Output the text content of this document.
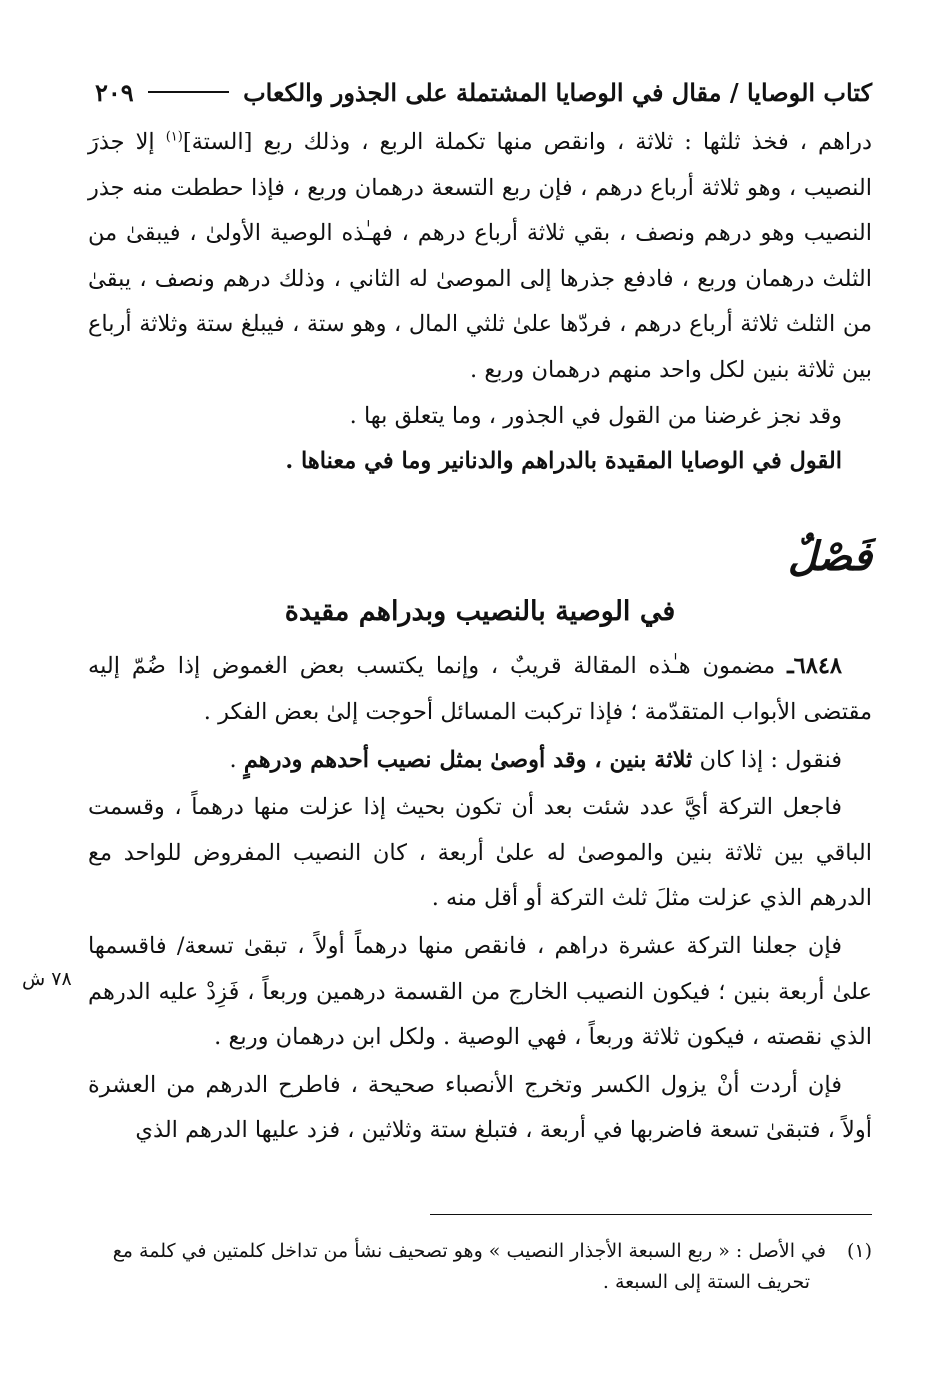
كتاب الوصايا / مقال في الوصايا المشتملة على الجذور والكعاب
٢٠٩

دراهم ، فخذ ثلثها : ثلاثة ، وانقص منها تكملة الربع ، وذلك ربع [الستة]$^{(١)}$ إلا جذرَ النصيب ، وهو ثلاثة أرباع درهم ، فإن ربع التسعة درهمان وربع ، فإذا حططت منه جذر النصيب وهو درهم ونصف ، بقي ثلاثة أرباع درهم ، فهـٰذه الوصية الأولىٰ ، فيبقىٰ من الثلث درهمان وربع ، فادفع جذرها إلى الموصىٰ له الثاني ، وذلك درهم ونصف ، يبقىٰ من الثلث ثلاثة أرباع درهم ، فردّها علىٰ ثلثي المال ، وهو ستة ، فيبلغ ستة وثلاثة أرباع بين ثلاثة بنين لكل واحد منهم درهمان وربع .

وقد نجز غرضنا من القول في الجذور ، وما يتعلق بها .

القول في الوصايا المقيدة بالدراهم والدنانير وما في معناها .

فَصْلٌ

في الوصية بالنصيب وبدراهم مقيدة

٦٨٤٨ـ مضمون هـٰذه المقالة قريبٌ ، وإنما يكتسب بعض الغموض إذا ضُمّ إليه مقتضى الأبواب المتقدّمة ؛ فإذا تركبت المسائل أحوجت إلىٰ بعض الفكر .

فنقول : إذا كان ثلاثة بنين ، وقد أوصىٰ بمثل نصيب أحدهم ودرهمٍ .

فاجعل التركة أيَّ عدد شئت بعد أن تكون بحيث إذا عزلت منها درهماً ، وقسمت الباقي بين ثلاثة بنين والموصىٰ له علىٰ أربعة ، كان النصيب المفروض للواحد مع الدرهم الذي عزلت مثلَ ثلث التركة أو أقل منه .

فإن جعلنا التركة عشرة دراهم ، فانقص منها درهماً أولاً ، تبقىٰ تسعة/ فاقسمها علىٰ أربعة بنين ؛ فيكون النصيب الخارج من القسمة درهمين وربعاً ، فَزِدْ عليه الدرهم الذي نقصته ، فيكون ثلاثة وربعاً ، فهي الوصية . ولكل ابن درهمان وربع .

فإن أردت أنْ يزول الكسر وتخرج الأنصباء صحيحة ، فاطرح الدرهم من العشرة أولاً ، فتبقىٰ تسعة فاضربها في أربعة ، فتبلغ ستة وثلاثين ، فزد عليها الدرهم الذي

٧٨ ش
(١) في الأصل : « ربع السبعة الأجذار النصيب » وهو تصحيف نشأ من تداخل كلمتين في كلمة مع
تحريف الستة إلى السبعة .
